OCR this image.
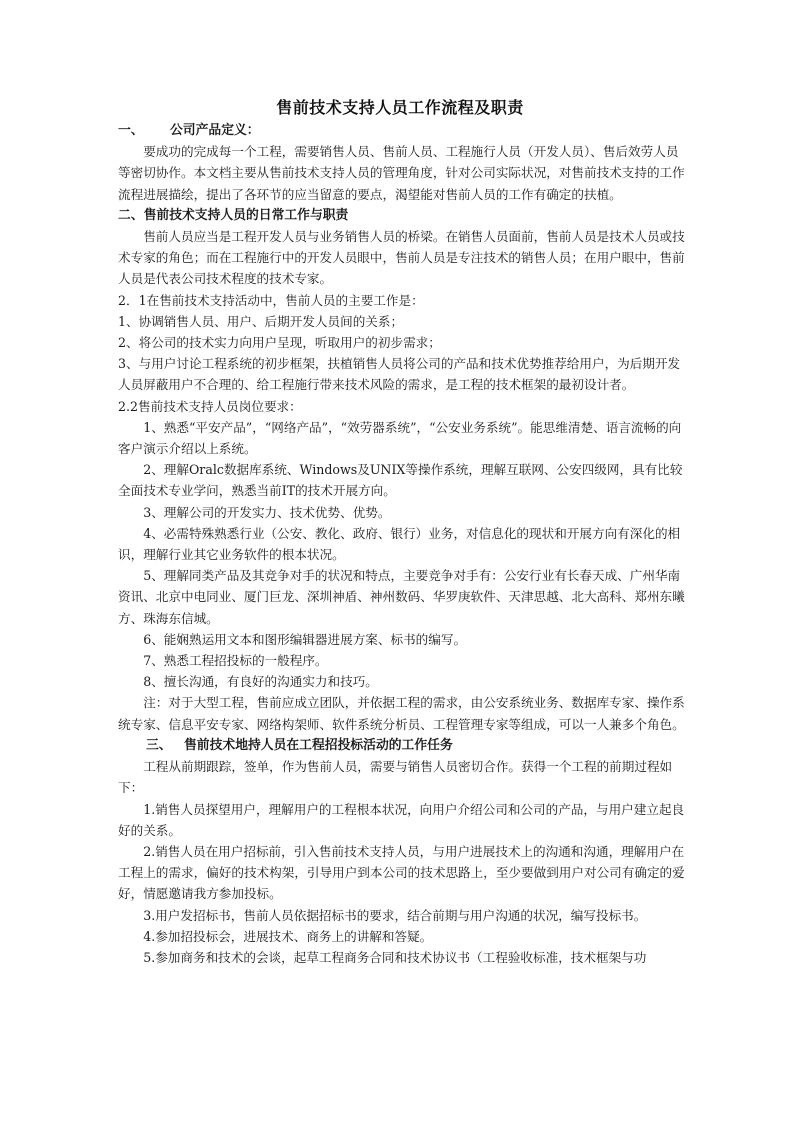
售前技术支持人员工作流程及职责

一、 公司产品定义：

要成功的完成每一个工程，需要销售人员、售前人员、工程施行人员（开发人员）、售后效劳人员等密切协作。本文档主要从售前技术支持人员的管理角度，针对公司实际状况，对售前技术支持的工作流程进展描绘，提出了各环节的应当留意的要点，渴望能对售前人员的工作有确定的扶植。

二、售前技术支持人员的日常工作与职责

售前人员应当是工程开发人员与业务销售人员的桥梁。在销售人员面前，售前人员是技术人员或技术专家的角色；而在工程施行中的开发人员眼中，售前人员是专注技术的销售人员；在用户眼中，售前人员是代表公司技术程度的技术专家。

2．1在售前技术支持活动中，售前人员的主要工作是：

1、协调销售人员、用户、后期开发人员间的关系；

2、将公司的技术实力向用户呈现，听取用户的初步需求；

3、与用户讨论工程系统的初步框架，扶植销售人员将公司的产品和技术优势推荐给用户，为后期开发人员屏蔽用户不合理的、给工程施行带来技术风险的需求，是工程的技术框架的最初设计者。

2.2售前技术支持人员岗位要求：

1、熟悉“平安产品”，“网络产品”，“效劳器系统”，“公安业务系统”。能思维清楚、语言流畅的向客户演示介绍以上系统。

2、理解Oralc数据库系统、Windows及UNIX等操作系统，理解互联网、公安四级网，具有比较全面技术专业学问，熟悉当前IT的技术开展方向。

3、理解公司的开发实力、技术优势、优势。

4、必需特殊熟悉行业（公安、教化、政府、银行）业务，对信息化的现状和开展方向有深化的相识，理解行业其它业务软件的根本状况。

5、理解同类产品及其竞争对手的状况和特点，主要竞争对手有：公安行业有长春天成、广州华南资讯、北京中电同业、厦门巨龙、深圳神盾、神州数码、华罗庚软件、天津思越、北大高科、郑州东曦方、珠海东信城。

6、能娴熟运用文本和图形编辑器进展方案、标书的编写。

7、熟悉工程招投标的一般程序。

8、擅长沟通，有良好的沟通实力和技巧。

注：对于大型工程，售前应成立团队，并依据工程的需求，由公安系统业务、数据库专家、操作系统专家、信息平安专家、网络构架师、软件系统分析员、工程管理专家等组成，可以一人兼多个角色。

三、 售前技术地持人员在工程招投标活动的工作任务

工程从前期跟踪，签单，作为售前人员，需要与销售人员密切合作。获得一个工程的前期过程如下：

1.销售人员探望用户，理解用户的工程根本状况，向用户介绍公司和公司的产品，与用户建立起良好的关系。

2.销售人员在用户招标前，引入售前技术支持人员，与用户进展技术上的沟通和沟通，理解用户在工程上的需求，偏好的技术构架，引导用户到本公司的技术思路上，至少要做到用户对公司有确定的爱好，情愿邀请我方参加投标。

3.用户发招标书，售前人员依据招标书的要求，结合前期与用户沟通的状况，编写投标书。

4.参加招投标会，进展技术、商务上的讲解和答疑。

5.参加商务和技术的会谈，起草工程商务合同和技术协议书（工程验收标准，技术框架与功
